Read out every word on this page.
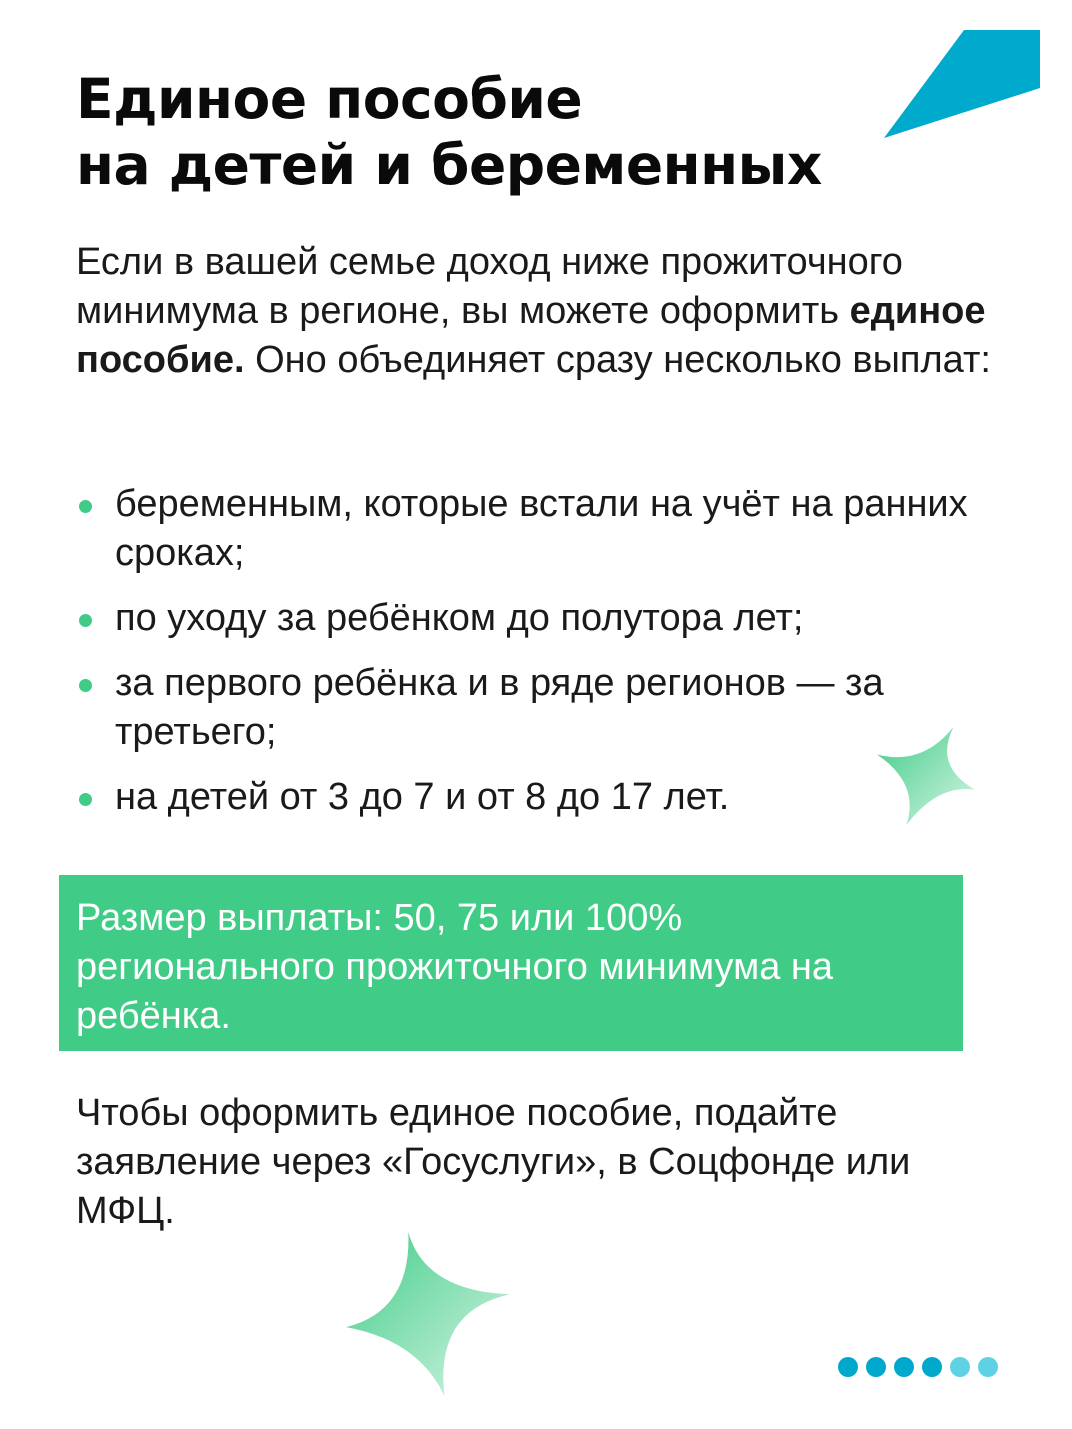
Единое пособие
на детей и беременных
Если в вашей семье доход ниже прожиточного минимума в регионе, вы можете оформить единое пособие. Оно объединяет сразу несколько выплат:
беременным, которые встали на учёт на ранних сроках;
по уходу за ребёнком до полутора лет;
за первого ребёнка и в ряде регионов — за третьего;
на детей от 3 до 7 и от 8 до 17 лет.

Размер выплаты: 50, 75 или 100% регионального прожиточного минимума на ребёнка.

Чтобы оформить единое пособие, подайте заявление через «Госуслуги», в Соцфонде или МФЦ.
